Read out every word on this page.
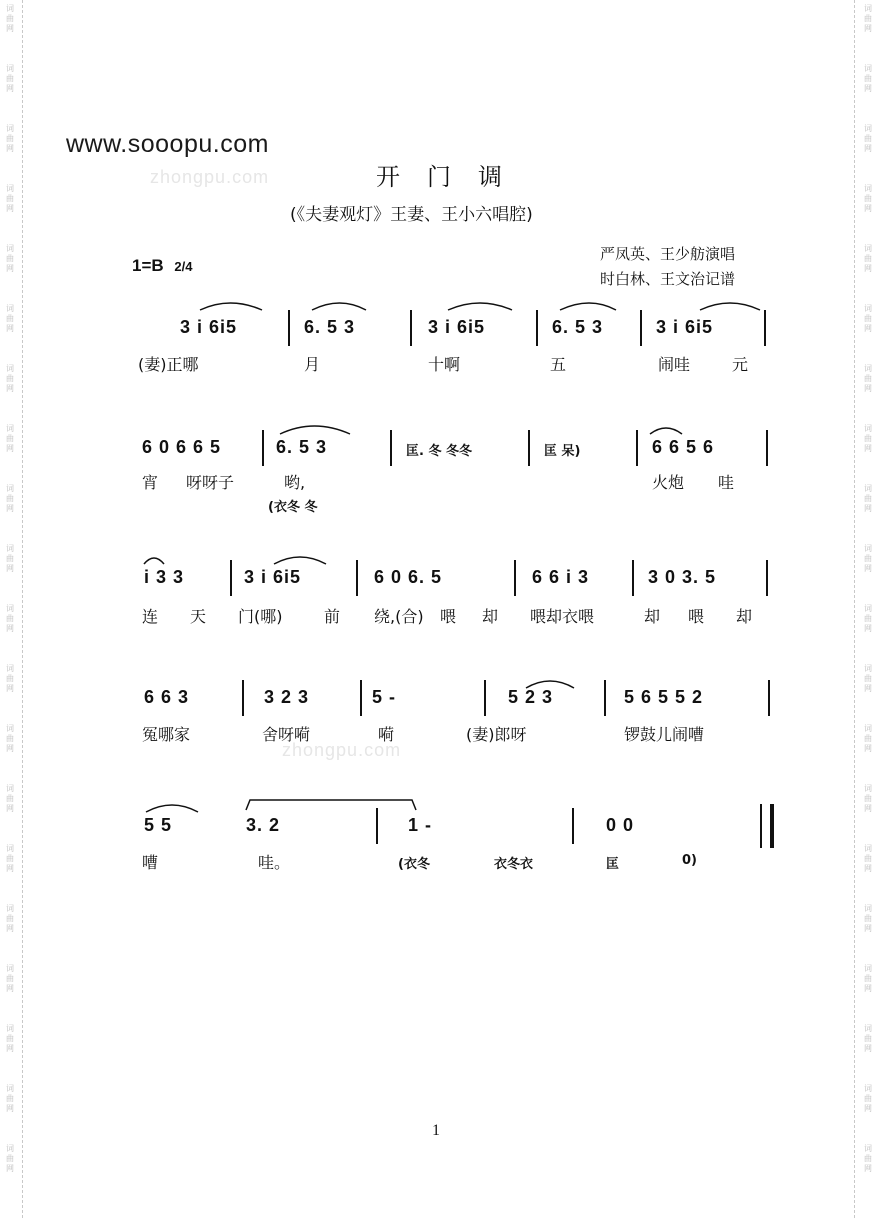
词
曲
网
词
曲
网
词
曲
网
词
曲
网
词
曲
网
词
曲
网
词
曲
网
词
曲
网
词
曲
网
词
曲
网
词
曲
网
词
曲
网
词
曲
网
词
曲
网
词
曲
网
词
曲
网
词
曲
网
词
曲
网
词
曲
网
词
曲
网
词
曲
网
词
曲
网
词
曲
网
词
曲
网
词
曲
网
词
曲
网
词
曲
网
词
曲
网
词
曲
网
词
曲
网
词
曲
网
词
曲
网
词
曲
网
词
曲
网
词
曲
网
词
曲
网
词
曲
网
词
曲
网
词
曲
网
词
曲
网
www.sooopu.com
zhongpu.com
zhongpu.com
开门调
(《夫妻观灯》王妻、王小六唱腔)
1=B 2/4
严凤英、王少舫演唱
时白林、王文治记谱
3 i 6i5	6. 5 3	3 i 6i5	6. 5 3	3 i 6i5
(妻)正哪	月	十啊	五	闹哇	元
6 0 6 6 5	6. 5 3	匡. 冬 冬冬	匡 呆)	6 6 5 6
宵 呀呀子	哟,	火炮 哇
(衣冬 冬
i 3 3	3 i 6i5	6 0 6. 5	6 6 i 3	3 0 3. 5
连 天 门(哪)	前 绕,(合) 喂 却 喂却衣喂	却 喂 却
6 6 3	3 2 3	5 -	5 2 3	5 6 5 5 2
冤哪家	舍呀嗬	嗬	(妻)郎呀	锣鼓儿闹嘈
5 5	3. 2	1 -	0 0
嘈	哇。	(衣冬	衣冬衣	匡	0)
1
